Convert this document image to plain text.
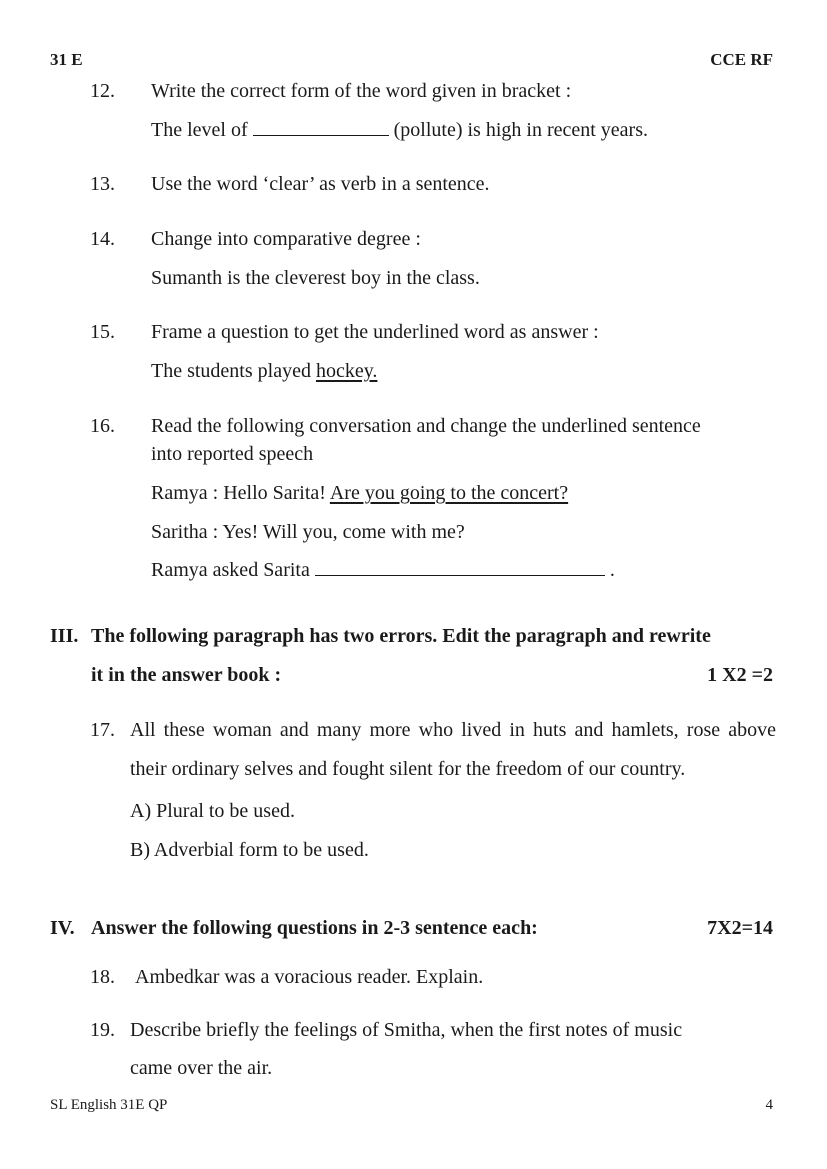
31 E	CCE RF
12. Write the correct form of the word given in bracket :
The level of	(pollute) is high in recent years.
13. Use the word ‘clear’ as verb in a sentence.
14. Change into comparative degree :
Sumanth is the cleverest boy in the class.
15. Frame a question to get the underlined word as answer :
The students played hockey.
16. Read the following conversation and change the underlined sentence
into reported speech
Ramya : Hello Sarita! Are you going to the concert?
Saritha : Yes! Will you, come with me?
Ramya asked Sarita	.
III. The following paragraph has two errors. Edit the paragraph and rewrite
it in the answer book :	1 X2 =2
17. All these woman and many more who lived in huts and hamlets, rose above
their ordinary selves and fought silent for the freedom of our country.
A) Plural to be used.
B) Adverbial form to be used.
IV. Answer the following questions in 2-3 sentence each:	7X2=14
18. Ambedkar was a voracious reader. Explain.
19. Describe briefly the feelings of Smitha, when the first notes of music
came over the air.
SL English 31E QP	4
